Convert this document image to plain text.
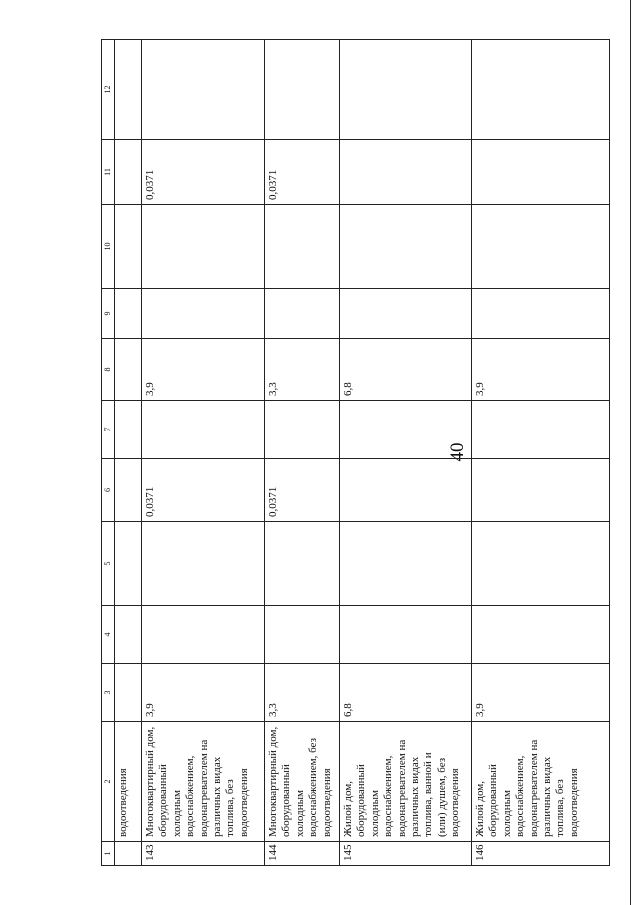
40
1	2	3	4	5	6	7	8	9	10	11	12
	водоотведения										
143	Многоквартирный дом, оборудованный холодным водоснабжением, водонагревателем на различных видах топлива, без водоотведения	3,9			0,0371		3,9			0,0371	
144	Многоквартирный дом, оборудованный холодным водоснабжением, без водоотведения	3,3			0,0371		3,3			0,0371	
145	Жилой дом, оборудованный холодным водоснабжением, водонагревателем на различных видах топлива, ванной и (или) душем, без водоотведения	6,8					6,8				
146	Жилой дом, оборудованный холодным водоснабжением, водонагревателем на различных видах топлива, без водоотведения	3,9					3,9				
